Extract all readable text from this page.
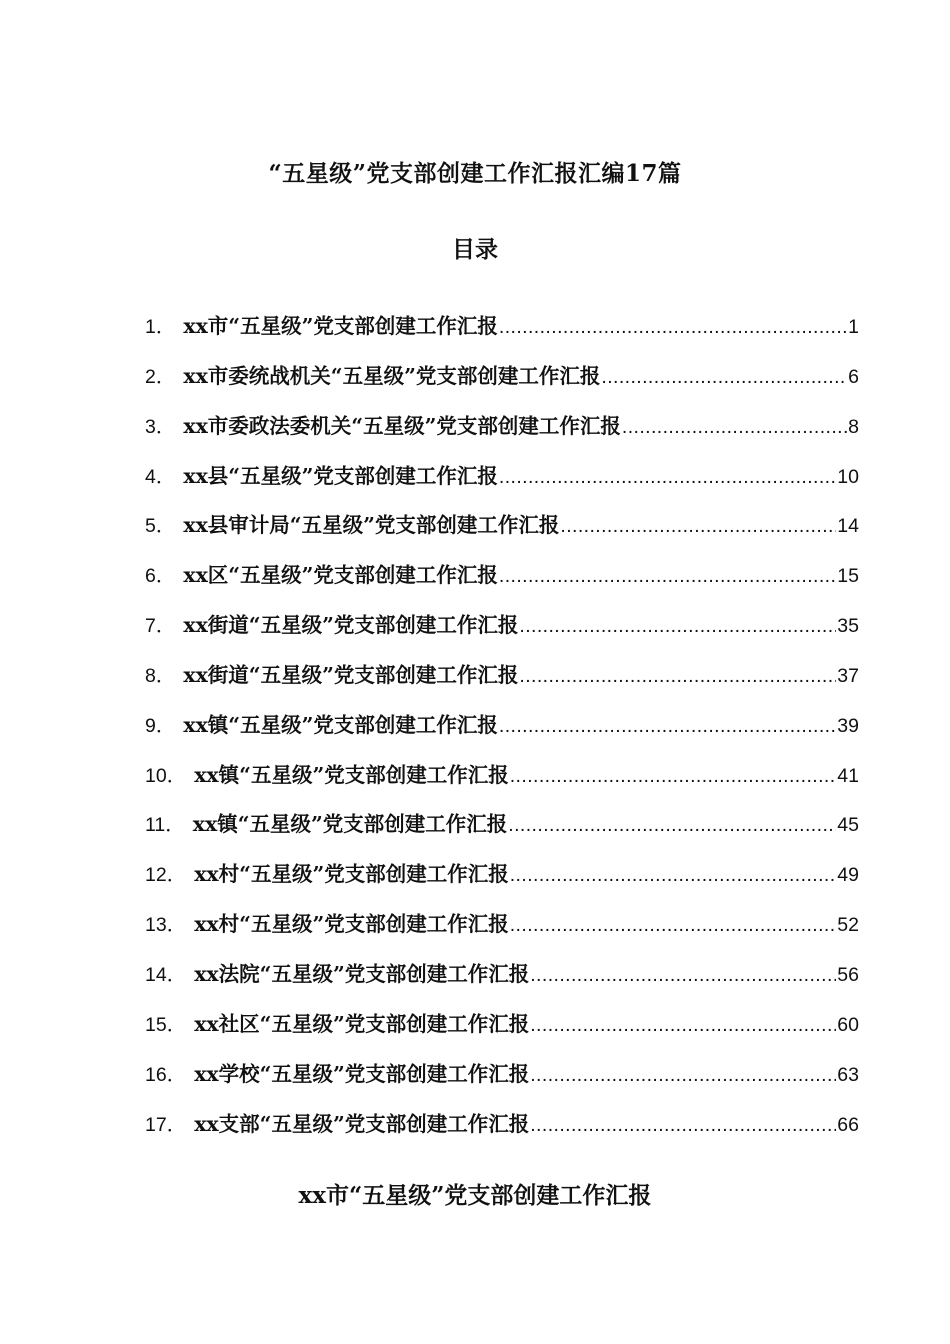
“五星级”党支部创建工作汇报汇编17篇
目录
1． xx市“五星级”党支部创建工作汇报 .....	1
2． xx市委统战机关“五星级”党支部创建工作汇报 .....	6
3． xx市委政法委机关“五星级”党支部创建工作汇报 .....	8
4． xx县“五星级”党支部创建工作汇报 .....	10
5． xx县审计局“五星级”党支部创建工作汇报 .....	14
6． xx区“五星级”党支部创建工作汇报 .....	15
7． xx街道“五星级”党支部创建工作汇报 .....	35
8． xx街道“五星级”党支部创建工作汇报 .....	37
9． xx镇“五星级”党支部创建工作汇报 .....	39
10． xx镇“五星级”党支部创建工作汇报 .....	41
11． xx镇“五星级”党支部创建工作汇报 .....	45
12． xx村“五星级”党支部创建工作汇报 .....	49
13． xx村“五星级”党支部创建工作汇报 .....	52
14． xx法院“五星级”党支部创建工作汇报 .....	56
15． xx社区“五星级”党支部创建工作汇报 .....	60
16． xx学校“五星级”党支部创建工作汇报 .....	63
17． xx支部“五星级”党支部创建工作汇报 .....	66
xx市“五星级”党支部创建工作汇报
